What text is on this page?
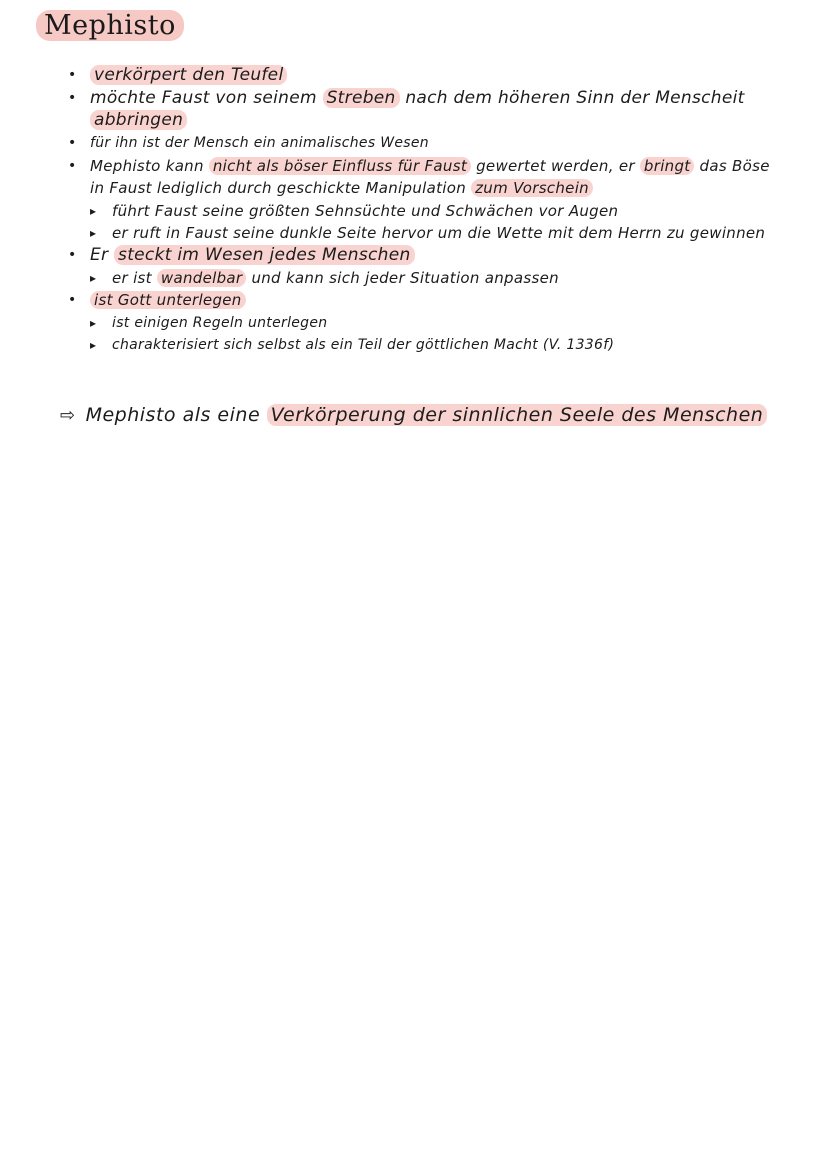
Mephisto
• verkörpert den Teufel
• möchte Faust von seinem Streben nach dem höheren Sinn der Menscheit abbringen
• für ihn ist der Mensch ein animalisches Wesen
• Mephisto kann nicht als böser Einfluss für Faust gewertet werden, er bringt das Böse in Faust lediglich durch geschickte Manipulation zum Vorschein
▸ führt Faust seine größten Sehnsüchte und Schwächen vor Augen
▸ er ruft in Faust seine dunkle Seite hervor um die Wette mit dem Herrn zu gewinnen
• Er steckt im Wesen jedes Menschen
▸ er ist wandelbar und kann sich jeder Situation anpassen
• ist Gott unterlegen
▸ ist einigen Regeln unterlegen
▸ charakterisiert sich selbst als ein Teil der göttlichen Macht (V. 1336f)
⇨ Mephisto als eine Verkörperung der sinnlichen Seele des Menschen
